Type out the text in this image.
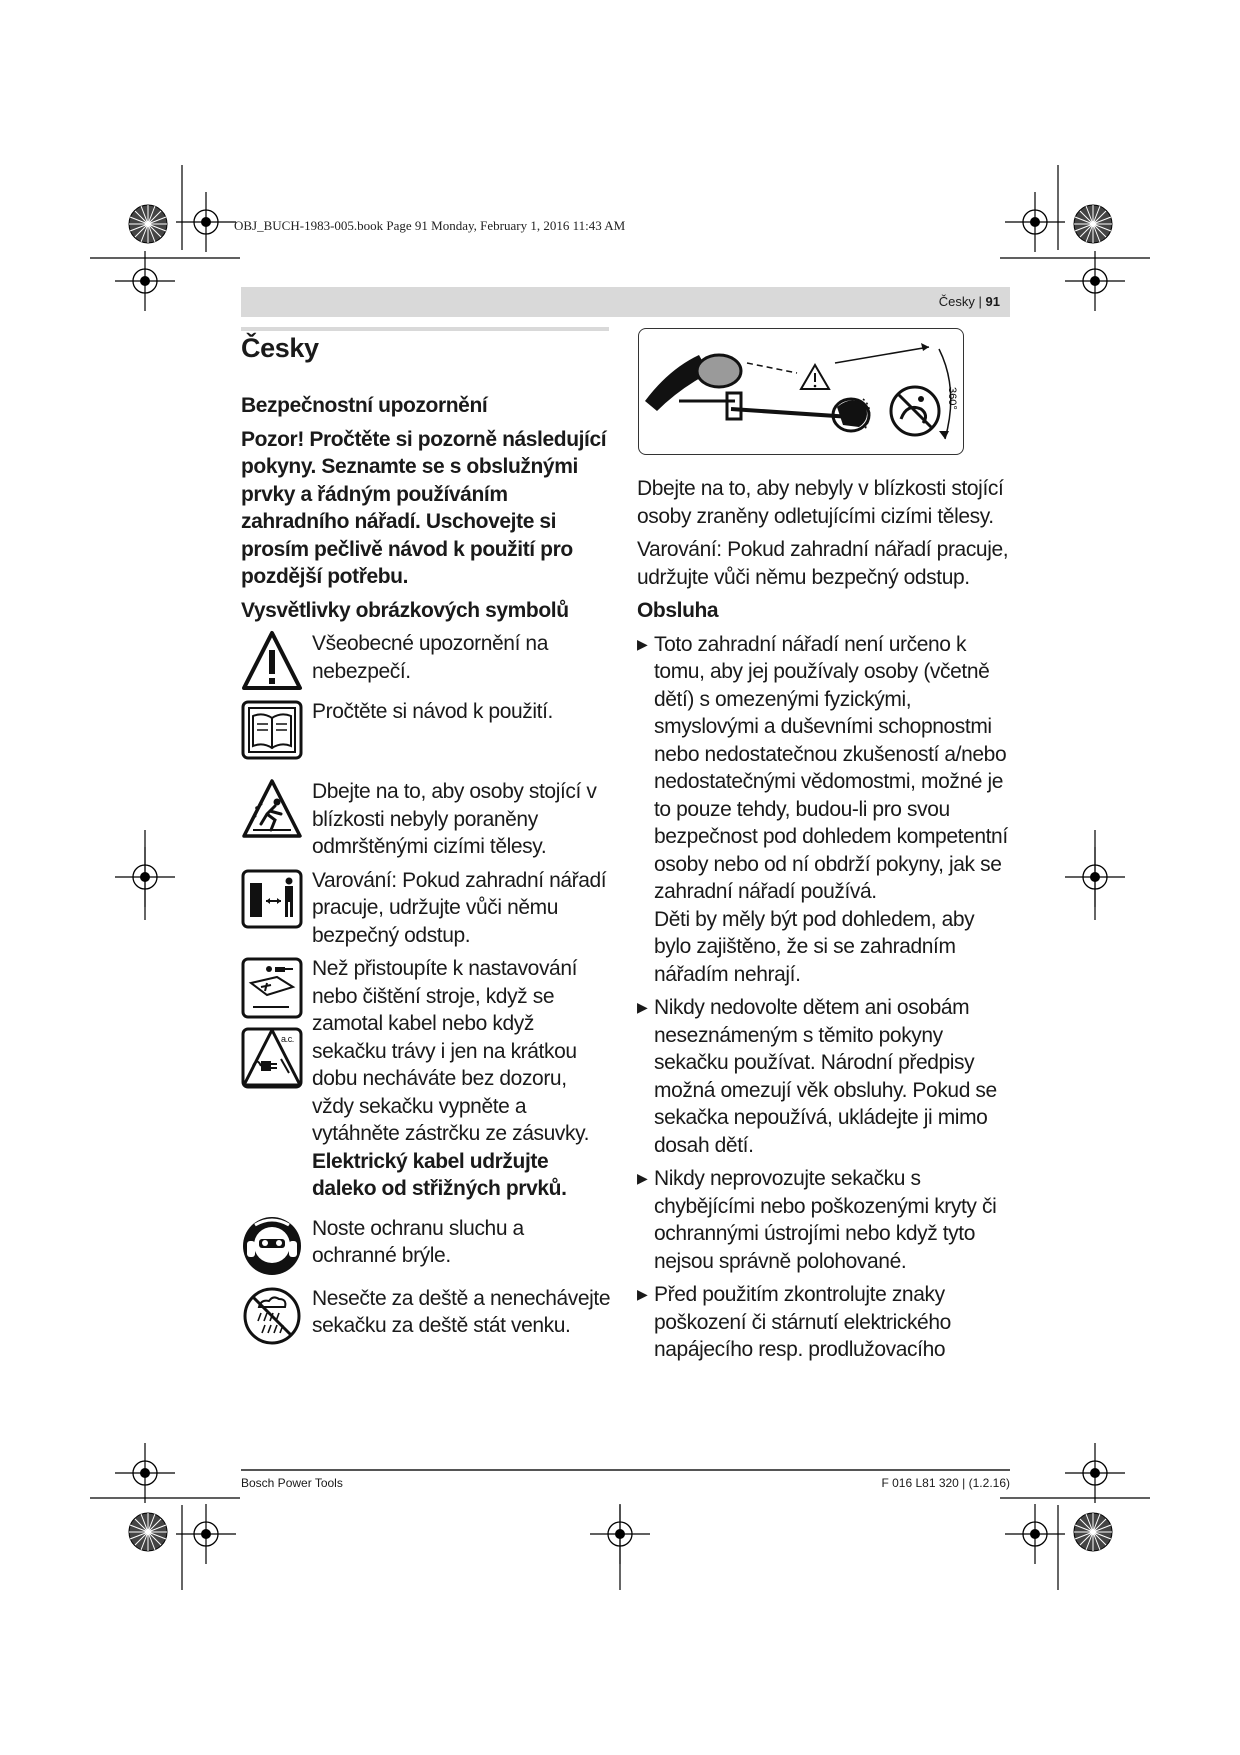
OBJ_BUCH-1983-005.book Page 91 Monday, February 1, 2016 11:43 AM
Česky | 91
Česky
Bezpečnostní upozornění
Pozor! Pročtěte si pozorně následující pokyny. Seznamte se s obslužnými prvky a řádným používáním zahradního nářadí. Uschovejte si prosím pečlivě návod k použití pro pozdější potřebu.
Vysvětlivky obrázkových symbolů
Všeobecné upozornění na nebezpečí.
Pročtěte si návod k použití.
Dbejte na to, aby osoby stojící v blízkosti nebyly poraněny odmrštěnými cizími tělesy.
Varování: Pokud zahradní nářadí pracuje, udržujte vůči němu bezpečný odstup.
a.c.
Než přistoupíte k nastavování nebo čištění stroje, když se zamotal kabel nebo když sekačku trávy i jen na krátkou dobu necháváte bez dozoru, vždy sekačku vypněte a vytáhněte zástrčku ze zásuvky. Elektrický kabel udržujte daleko od střižných prvků.
Noste ochranu sluchu a ochranné brýle.
Nesečte za deště a nenechávejte sekačku za deště stát venku.
360°
Dbejte na to, aby nebyly v blízkosti stojící osoby zraněny odletujícími cizími tělesy.
Varování: Pokud zahradní nářadí pracuje, udržujte vůči němu bezpečný odstup.
Obsluha
▶ Toto zahradní nářadí není určeno k tomu, aby jej používaly osoby (včetně dětí) s omezenými fyzickými, smyslovými a duševními schopnostmi nebo nedostatečnou zkušeností a/nebo nedostatečnými vědomostmi, možné je to pouze tehdy, budou-li pro svou bezpečnost pod dohledem kompetentní osoby nebo od ní obdrží pokyny, jak se zahradní nářadí používá.
Děti by měly být pod dohledem, aby bylo zajištěno, že si se zahradním nářadím nehrají.
▶ Nikdy nedovolte dětem ani osobám neseznámeným s těmito pokyny sekačku používat. Národní předpisy možná omezují věk obsluhy. Pokud se sekačka nepoužívá, ukládejte ji mimo dosah dětí.
▶ Nikdy neprovozujte sekačku s chybějícími nebo poškozenými kryty či ochrannými ústrojími nebo když tyto nejsou správně polohované.
▶ Před použitím zkontrolujte znaky poškození či stárnutí elektrického napájecího resp. prodlužovacího
Bosch Power Tools	F 016 L81 320 | (1.2.16)
